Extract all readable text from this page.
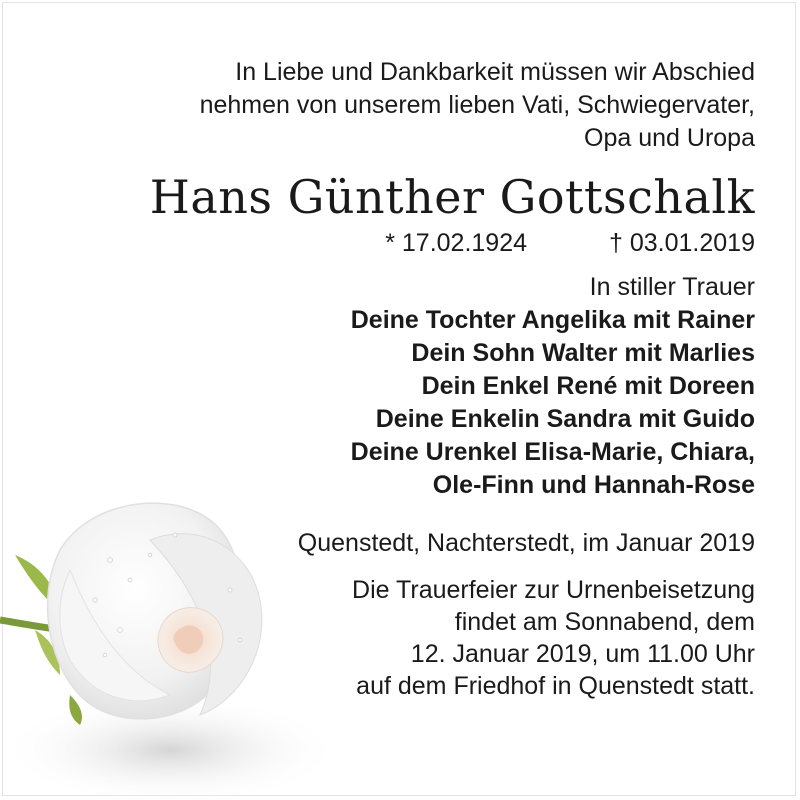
In Liebe und Dankbarkeit müssen wir Abschied
nehmen von unserem lieben Vati, Schwiegervater,
Opa und Uropa

Hans Günther Gottschalk
* 17.02.1924	† 03.01.2019
In stiller Trauer
Deine Tochter Angelika mit Rainer
Dein Sohn Walter mit Marlies
Dein Enkel René mit Doreen
Deine Enkelin Sandra mit Guido
Deine Urenkel Elisa-Marie, Chiara,
Ole-Finn und Hannah-Rose
Quenstedt, Nachterstedt, im Januar 2019
Die Trauerfeier zur Urnenbeisetzung
findet am Sonnabend, dem
12. Januar 2019, um 11.00 Uhr
auf dem Friedhof in Quenstedt statt.
